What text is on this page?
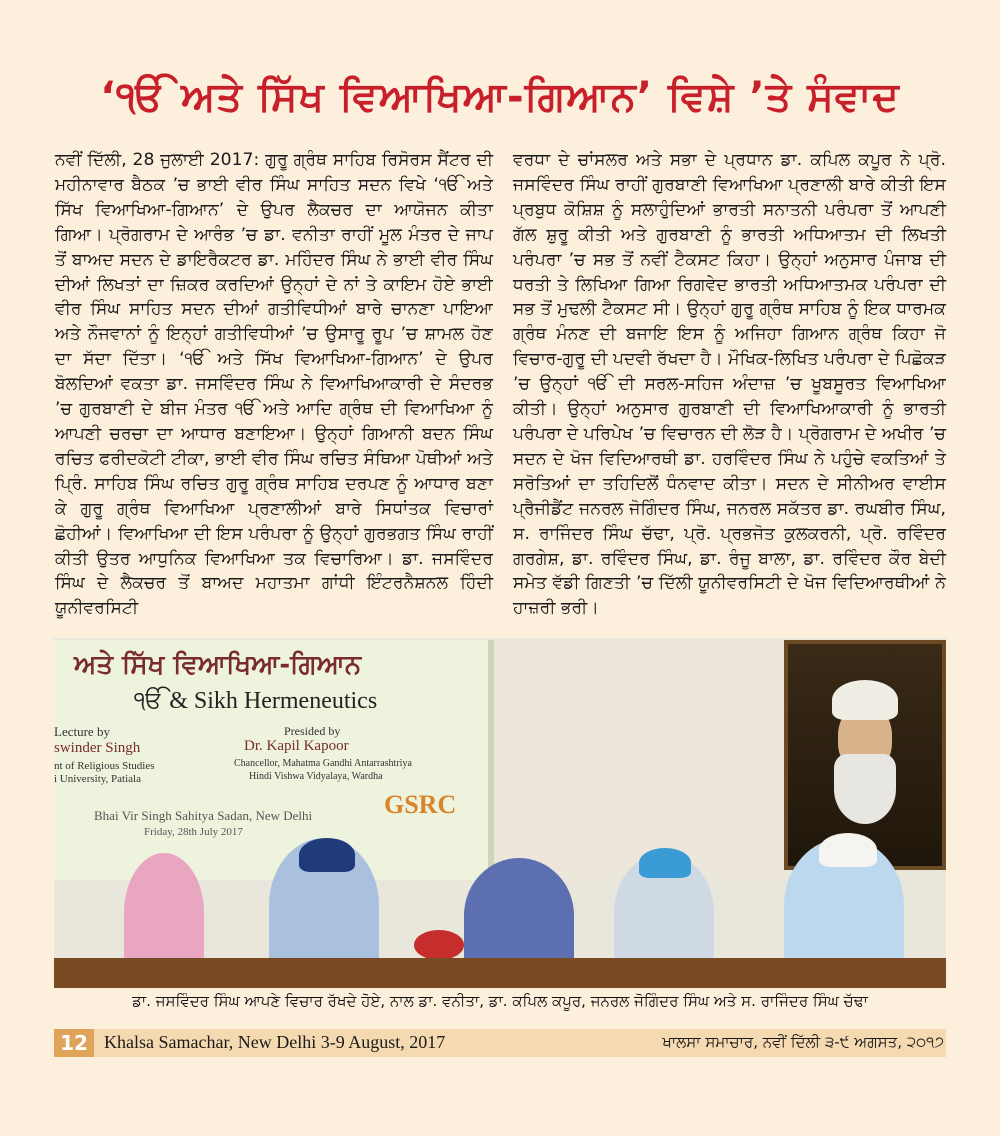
‘ੴ ਅਤੇ ਸਿੱਖ ਵਿਆਖਿਆ-ਗਿਆਨ’ ਵਿਸ਼ੇ ’ਤੇ ਸੰਵਾਦ
ਨਵੀਂ ਦਿੱਲੀ, 28 ਜੁਲਾਈ 2017: ਗੁਰੂ ਗ੍ਰੰਥ ਸਾਹਿਬ ਰਿਸੋਰਸ ਸੈਂਟਰ ਦੀ ਮਹੀਨਾਵਾਰ ਬੈਠਕ ’ਚ ਭਾਈ ਵੀਰ ਸਿੰਘ ਸਾਹਿਤ ਸਦਨ ਵਿਖੇ ‘ੴ ਅਤੇ ਸਿੱਖ ਵਿਆਖਿਆ-ਗਿਆਨ’ ਦੇ ਉਪਰ ਲੈਕਚਰ ਦਾ ਆਯੋਜਨ ਕੀਤਾ ਗਿਆ। ਪ੍ਰੋਗਰਾਮ ਦੇ ਆਰੰਭ ’ਚ ਡਾ. ਵਨੀਤਾ ਰਾਹੀਂ ਮੂਲ ਮੰਤਰ ਦੇ ਜਾਪ ਤੋਂ ਬਾਅਦ ਸਦਨ ਦੇ ਡਾਇਰੈਕਟਰ ਡਾ. ਮਹਿੰਦਰ ਸਿੰਘ ਨੇ ਭਾਈ ਵੀਰ ਸਿੰਘ ਦੀਆਂ ਲਿਖਤਾਂ ਦਾ ਜ਼ਿਕਰ ਕਰਦਿਆਂ ਉਨ੍ਹਾਂ ਦੇ ਨਾਂ ਤੇ ਕਾਇਮ ਹੋਏ ਭਾਈ ਵੀਰ ਸਿੰਘ ਸਾਹਿਤ ਸਦਨ ਦੀਆਂ ਗਤੀਵਿਧੀਆਂ ਬਾਰੇ ਚਾਨਣਾ ਪਾਇਆ ਅਤੇ ਨੌਜਵਾਨਾਂ ਨੂੰ ਇਨ੍ਹਾਂ ਗਤੀਵਿਧੀਆਂ ’ਚ ਉਸਾਰੂ ਰੂਪ ’ਚ ਸ਼ਾਮਲ ਹੋਣ ਦਾ ਸੱਦਾ ਦਿੱਤਾ। ‘ੴ ਅਤੇ ਸਿੱਖ ਵਿਆਖਿਆ-ਗਿਆਨ’ ਦੇ ਉਪਰ ਬੋਲਦਿਆਂ ਵਕਤਾ ਡਾ. ਜਸਵਿੰਦਰ ਸਿੰਘ ਨੇ ਵਿਆਖਿਆਕਾਰੀ ਦੇ ਸੰਦਰਭ ’ਚ ਗੁਰਬਾਣੀ ਦੇ ਬੀਜ ਮੰਤਰ ੴ ਅਤੇ ਆਦਿ ਗ੍ਰੰਥ ਦੀ ਵਿਆਖਿਆ ਨੂੰ ਆਪਣੀ ਚਰਚਾ ਦਾ ਆਧਾਰ ਬਣਾਇਆ। ਉਨ੍ਹਾਂ ਗਿਆਨੀ ਬਦਨ ਸਿੰਘ ਰਚਿਤ ਫਰੀਦਕੋਟੀ ਟੀਕਾ, ਭਾਈ ਵੀਰ ਸਿੰਘ ਰਚਿਤ ਸੰਥਿਆ ਪੋਥੀਆਂ ਅਤੇ ਪ੍ਰਿੰ. ਸਾਹਿਬ ਸਿੰਘ ਰਚਿਤ ਗੁਰੂ ਗ੍ਰੰਥ ਸਾਹਿਬ ਦਰਪਣ ਨੂੰ ਆਧਾਰ ਬਣਾ ਕੇ ਗੁਰੂ ਗ੍ਰੰਥ ਵਿਆਖਿਆ ਪ੍ਰਣਾਲੀਆਂ ਬਾਰੇ ਸਿਧਾਂਤਕ ਵਿਚਾਰਾਂ ਛੋਹੀਆਂ। ਵਿਆਖਿਆ ਦੀ ਇਸ ਪਰੰਪਰਾ ਨੂੰ ਉਨ੍ਹਾਂ ਗੁਰਭਗਤ ਸਿੰਘ ਰਾਹੀਂ ਕੀਤੀ ਉਤਰ ਆਧੁਨਿਕ ਵਿਆਖਿਆ ਤਕ ਵਿਚਾਰਿਆ। ਡਾ. ਜਸਵਿੰਦਰ ਸਿੰਘ ਦੇ ਲੈਕਚਰ ਤੋਂ ਬਾਅਦ ਮਹਾਤਮਾ ਗਾਂਧੀ ਇੰਟਰਨੈਸ਼ਨਲ ਹਿੰਦੀ ਯੂਨੀਵਰਸਿਟੀ
ਵਰਧਾ ਦੇ ਚਾਂਸਲਰ ਅਤੇ ਸਭਾ ਦੇ ਪ੍ਰਧਾਨ ਡਾ. ਕਪਿਲ ਕਪੂਰ ਨੇ ਪ੍ਰੋ. ਜਸਵਿੰਦਰ ਸਿੰਘ ਰਾਹੀਂ ਗੁਰਬਾਣੀ ਵਿਆਖਿਆ ਪ੍ਰਣਾਲੀ ਬਾਰੇ ਕੀਤੀ ਇਸ ਪ੍ਰਬੁਧ ਕੋਸ਼ਿਸ਼ ਨੂੰ ਸਲਾਹੁੰਦਿਆਂ ਭਾਰਤੀ ਸਨਾਤਨੀ ਪਰੰਪਰਾ ਤੋਂ ਆਪਣੀ ਗੱਲ ਸ਼ੁਰੂ ਕੀਤੀ ਅਤੇ ਗੁਰਬਾਣੀ ਨੂੰ ਭਾਰਤੀ ਅਧਿਆਤਮ ਦੀ ਲਿਖਤੀ ਪਰੰਪਰਾ ’ਚ ਸਭ ਤੋਂ ਨਵੀਂ ਟੈਕਸਟ ਕਿਹਾ। ਉਨ੍ਹਾਂ ਅਨੁਸਾਰ ਪੰਜਾਬ ਦੀ ਧਰਤੀ ਤੇ ਲਿਖਿਆ ਗਿਆ ਰਿਗਵੇਦ ਭਾਰਤੀ ਅਧਿਆਤਮਕ ਪਰੰਪਰਾ ਦੀ ਸਭ ਤੋਂ ਮੁਢਲੀ ਟੈਕਸਟ ਸੀ। ਉਨ੍ਹਾਂ ਗੁਰੂ ਗ੍ਰੰਥ ਸਾਹਿਬ ਨੂੰ ਇਕ ਧਾਰਮਕ ਗ੍ਰੰਥ ਮੰਨਣ ਦੀ ਬਜਾਇ ਇਸ ਨੂੰ ਅਜਿਹਾ ਗਿਆਨ ਗ੍ਰੰਥ ਕਿਹਾ ਜੋ ਵਿਚਾਰ-ਗੁਰੂ ਦੀ ਪਦਵੀ ਰੱਖਦਾ ਹੈ। ਮੌਖਿਕ-ਲਿਖਿਤ ਪਰੰਪਰਾ ਦੇ ਪਿਛੋਕੜ ’ਚ ਉਨ੍ਹਾਂ ੴ ਦੀ ਸਰਲ-ਸਹਿਜ ਅੰਦਾਜ਼ ’ਚ ਖੂਬਸੂਰਤ ਵਿਆਖਿਆ ਕੀਤੀ। ਉਨ੍ਹਾਂ ਅਨੁਸਾਰ ਗੁਰਬਾਣੀ ਦੀ ਵਿਆਖਿਆਕਾਰੀ ਨੂੰ ਭਾਰਤੀ ਪਰੰਪਰਾ ਦੇ ਪਰਿਪੇਖ ’ਚ ਵਿਚਾਰਨ ਦੀ ਲੋੜ ਹੈ। ਪ੍ਰੋਗਰਾਮ ਦੇ ਅਖੀਰ ’ਚ ਸਦਨ ਦੇ ਖੋਜ ਵਿਦਿਆਰਥੀ ਡਾ. ਹਰਵਿੰਦਰ ਸਿੰਘ ਨੇ ਪਹੁੰਚੇ ਵਕਤਿਆਂ ਤੇ ਸਰੋਤਿਆਂ ਦਾ ਤਹਿਦਿਲੋਂ ਧੰਨਵਾਦ ਕੀਤਾ। ਸਦਨ ਦੇ ਸੀਨੀਅਰ ਵਾਈਸ ਪ੍ਰੈਜੀਡੈਂਟ ਜਨਰਲ ਜੋਗਿੰਦਰ ਸਿੰਘ, ਜਨਰਲ ਸਕੱਤਰ ਡਾ. ਰਘਬੀਰ ਸਿੰਘ, ਸ. ਰਾਜਿੰਦਰ ਸਿੰਘ ਚੱਢਾ, ਪ੍ਰੋ. ਪ੍ਰਭਜੋਤ ਕੁਲਕਰਨੀ, ਪ੍ਰੋ. ਰਵਿੰਦਰ ਗਰਗੇਸ਼, ਡਾ. ਰਵਿੰਦਰ ਸਿੰਘ, ਡਾ. ਰੰਜੂ ਬਾਲਾ, ਡਾ. ਰਵਿੰਦਰ ਕੌਰ ਬੇਦੀ ਸਮੇਤ ਵੱਡੀ ਗਿਣਤੀ ’ਚ ਦਿੱਲੀ ਯੂਨੀਵਰਸਿਟੀ ਦੇ ਖੋਜ ਵਿਦਿਆਰਥੀਆਂ ਨੇ ਹਾਜ਼ਰੀ ਭਰੀ।
ਅਤੇ ਸਿੱਖ ਵਿਆਖਿਆ-ਗਿਆਨ
ੴ & Sikh Hermeneutics
Lecture by
swinder Singh
nt of Religious Studies
i University, Patiala
Presided by
Dr. Kapil Kapoor
Chancellor, Mahatma Gandhi Antarrashtriya
Hindi Vishwa Vidyalaya, Wardha
Bhai Vir Singh Sahitya Sadan, New Delhi
Friday, 28th July 2017
GSRC
ਡਾ. ਜਸਵਿੰਦਰ ਸਿੰਘ ਆਪਣੇ ਵਿਚਾਰ ਰੱਖਦੇ ਹੋਏ, ਨਾਲ ਡਾ. ਵਨੀਤਾ, ਡਾ. ਕਪਿਲ ਕਪੂਰ, ਜਨਰਲ ਜੋਗਿੰਦਰ ਸਿੰਘ ਅਤੇ ਸ. ਰਾਜਿੰਦਰ ਸਿੰਘ ਚੱਢਾ
12 Khalsa Samachar, New Delhi 3-9 August, 2017	ਖਾਲਸਾ ਸਮਾਚਾਰ, ਨਵੀਂ ਦਿੱਲੀ ੩-੯ ਅਗਸਤ, ੨੦੧੭
